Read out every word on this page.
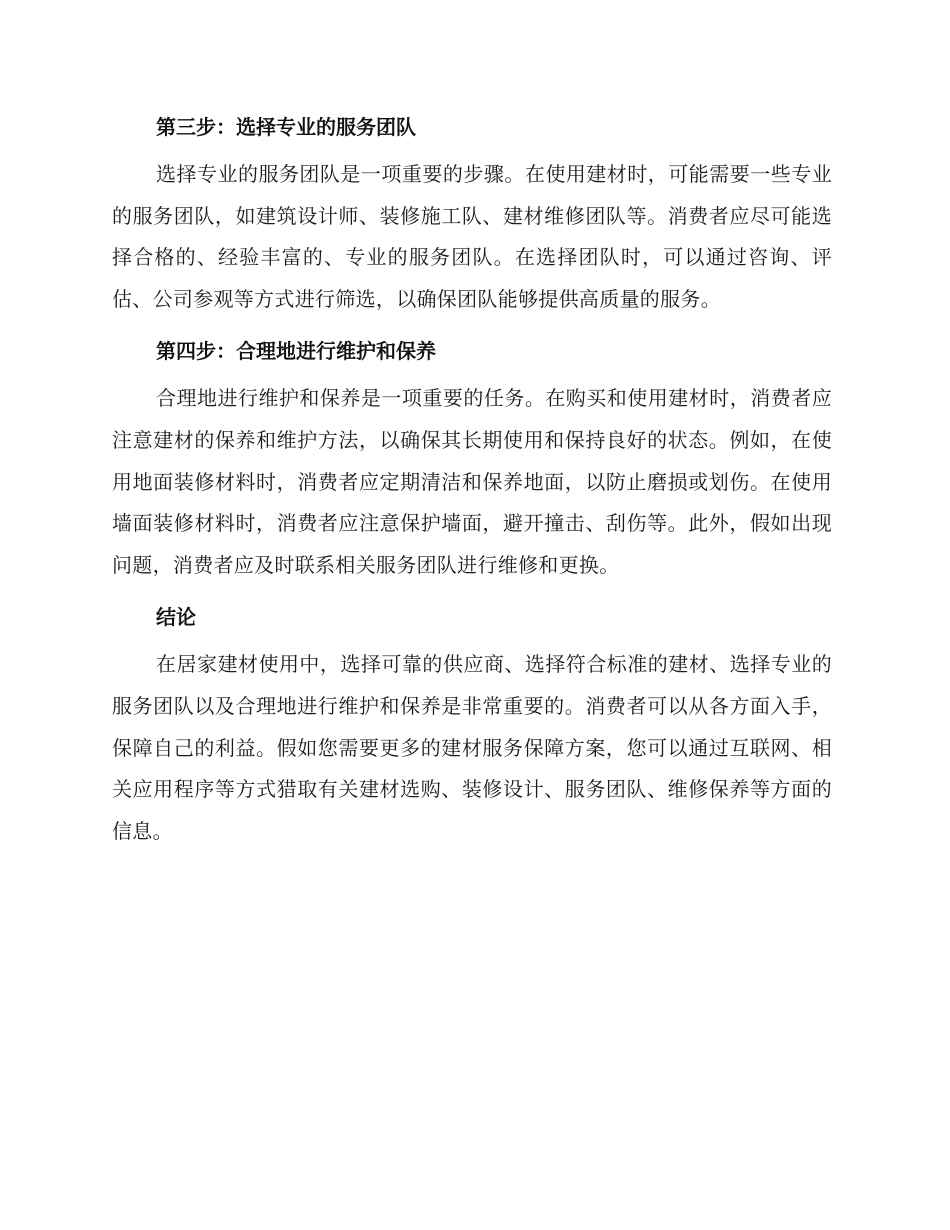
第三步：选择专业的服务团队

选择专业的服务团队是一项重要的步骤。在使用建材时，可能需要一些专业的服务团队，如建筑设计师、装修施工队、建材维修团队等。消费者应尽可能选择合格的、经验丰富的、专业的服务团队。在选择团队时，可以通过咨询、评估、公司参观等方式进行筛选，以确保团队能够提供高质量的服务。

第四步：合理地进行维护和保养

合理地进行维护和保养是一项重要的任务。在购买和使用建材时，消费者应注意建材的保养和维护方法，以确保其长期使用和保持良好的状态。例如，在使用地面装修材料时，消费者应定期清洁和保养地面，以防止磨损或划伤。在使用墙面装修材料时，消费者应注意保护墙面，避开撞击、刮伤等。此外，假如出现问题，消费者应及时联系相关服务团队进行维修和更换。

结论

在居家建材使用中，选择可靠的供应商、选择符合标准的建材、选择专业的服务团队以及合理地进行维护和保养是非常重要的。消费者可以从各方面入手，保障自己的利益。假如您需要更多的建材服务保障方案，您可以通过互联网、相关应用程序等方式猎取有关建材选购、装修设计、服务团队、维修保养等方面的信息。
